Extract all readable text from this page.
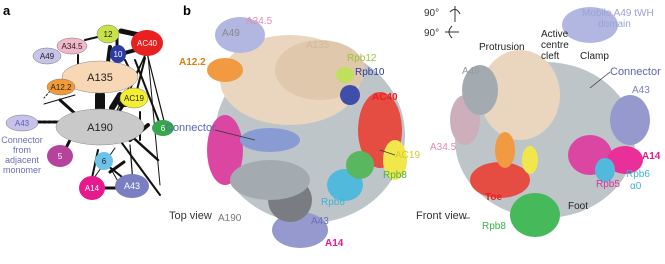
a
A135
A190
A34.5
A49
12
10
AC40
A12.2
AC19
6
5
6
A14	A43
A43
Connector
from
adjacent
monomer
b
A49
A34.5
A135
A12.2	Rpb12
Rpb10
AC40
Connector
AC19
Rpb8
Rpb6
A190	A43
A14
Top view
90°
90°
Mobile A49 tWH
domain
A49
Protrusion
Active
centre
cleft Clamp
Connector
A43
A34.5
A14
Toe
Rpb5
Rpb6
α0
Foot
Rpb8
Front view
